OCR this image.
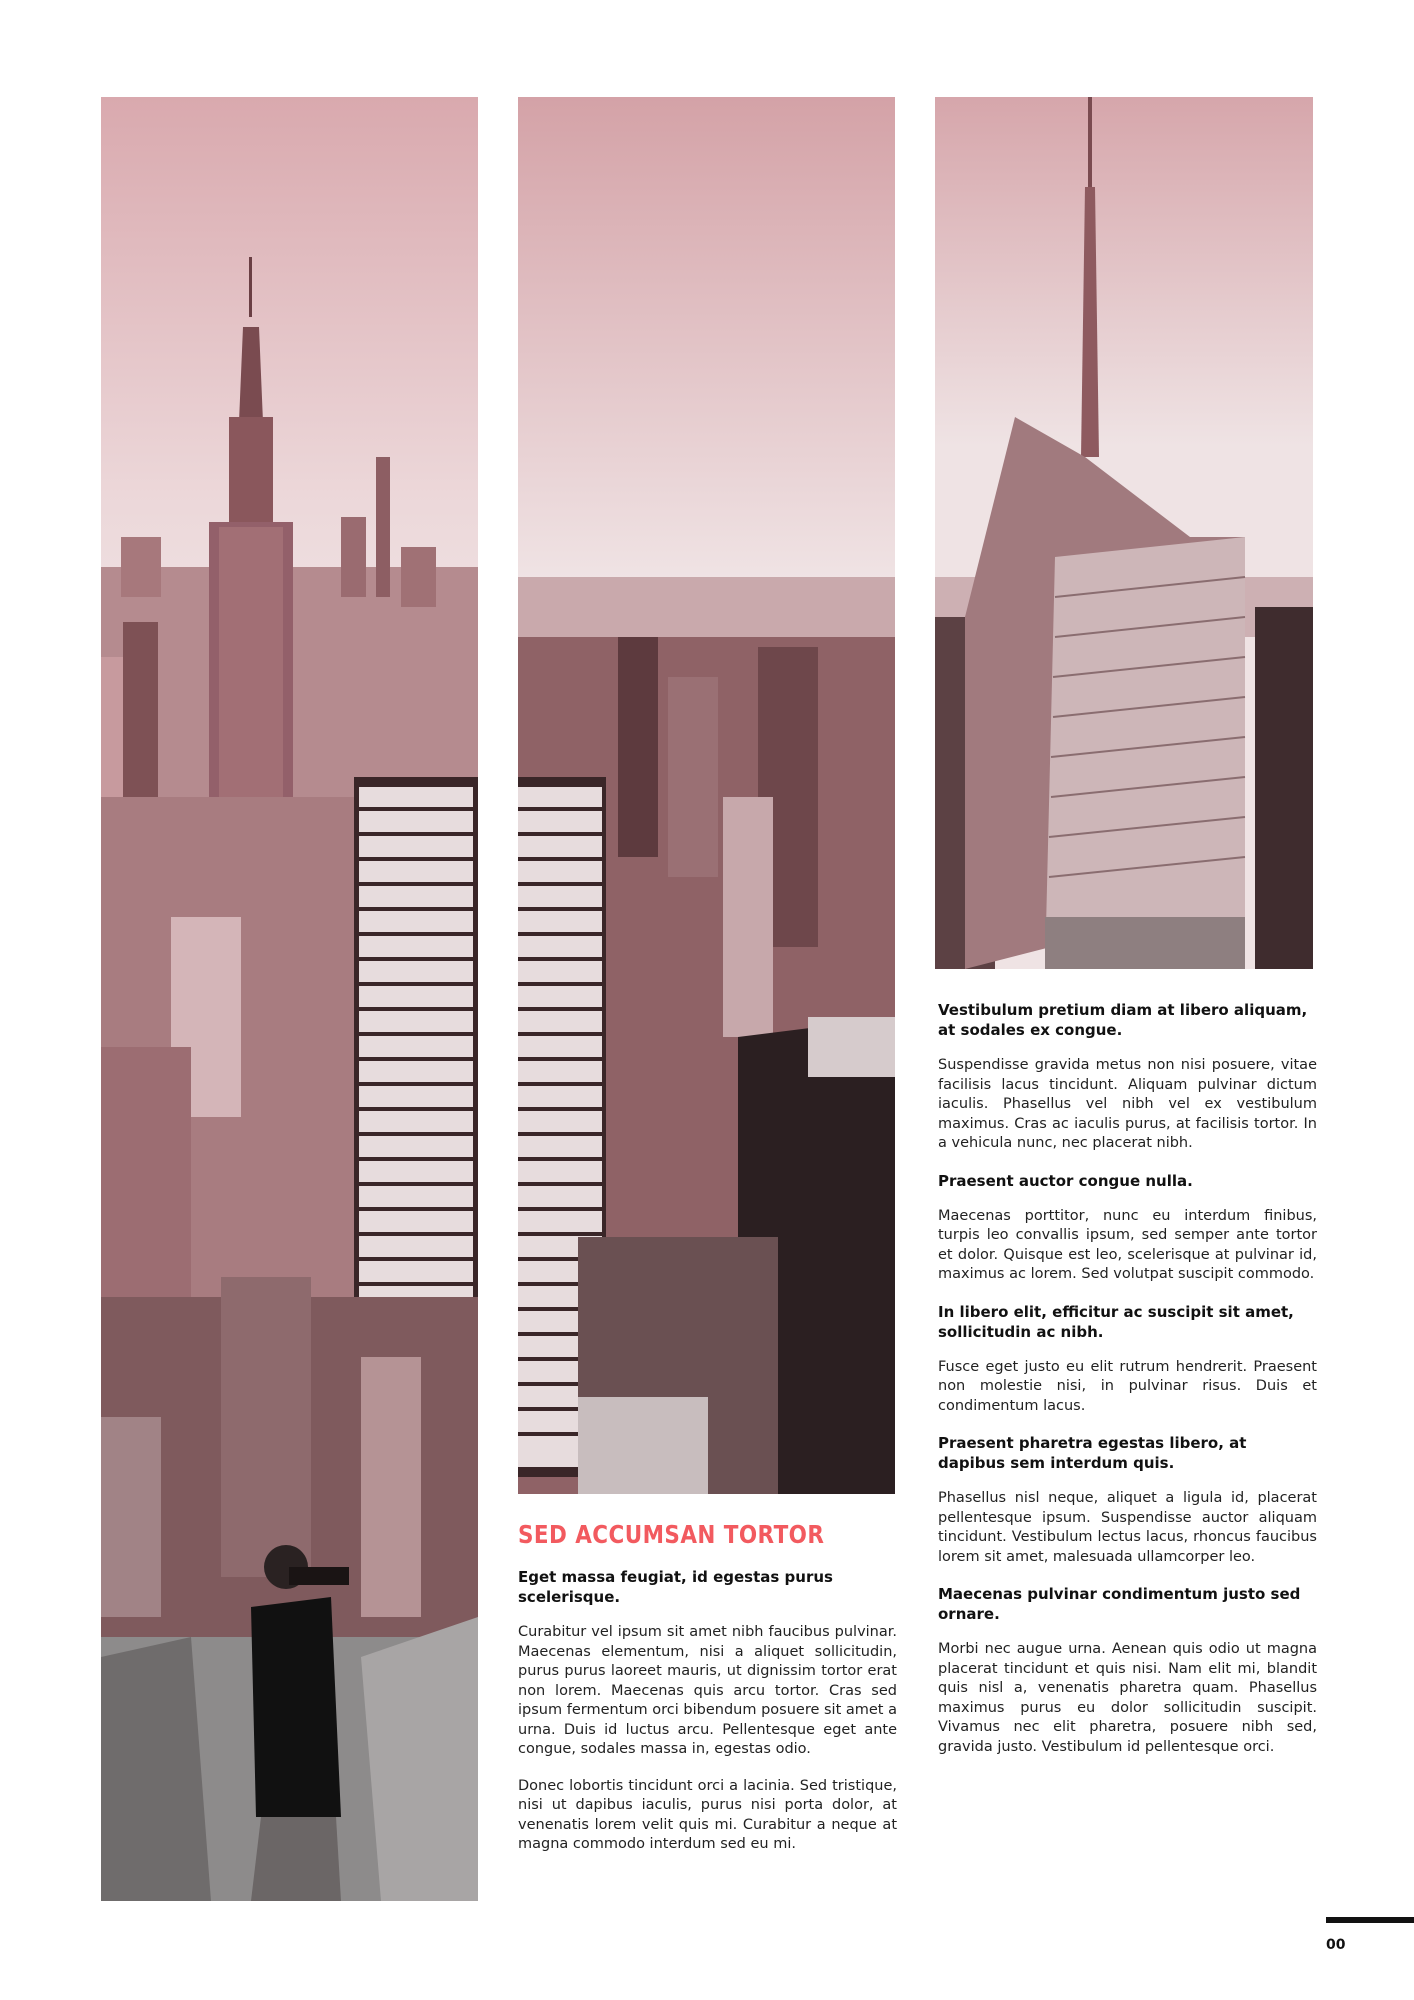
SED ACCUMSAN TORTOR
Eget massa feugiat, id egestas purus scelerisque.
Curabitur vel ipsum sit amet nibh faucibus pulvinar. Maecenas elementum, nisi a aliquet sollicitudin, purus purus laoreet mauris, ut dignissim tortor erat non lorem. Maecenas quis arcu tortor. Cras sed ipsum fermentum orci bibendum posuere sit amet a urna. Duis id luctus arcu. Pellentesque eget ante congue, sodales massa in, egestas odio.
Donec lobortis tincidunt orci a lacinia. Sed tristique, nisi ut dapibus iaculis, purus nisi porta dolor, at venenatis lorem velit quis mi. Curabitur a neque at magna commodo interdum sed eu mi.
Vestibulum pretium diam at libero aliquam, at sodales ex congue.
Suspendisse gravida metus non nisi posuere, vitae facilisis lacus tincidunt. Aliquam pulvinar dictum iaculis. Phasellus vel nibh vel ex vestibulum maximus. Cras ac iaculis purus, at facilisis tortor. In a vehicula nunc, nec placerat nibh.
Praesent auctor congue nulla.
Maecenas porttitor, nunc eu interdum finibus, turpis leo convallis ipsum, sed semper ante tortor et dolor. Quisque est leo, scelerisque at pulvinar id, maximus ac lorem. Sed volutpat suscipit commodo.
In libero elit, efficitur ac suscipit sit amet, sollicitudin ac nibh.
Fusce eget justo eu elit rutrum hendrerit. Praesent non molestie nisi, in pulvinar risus. Duis et condimentum lacus.
Praesent pharetra egestas libero, at dapibus sem interdum quis.
Phasellus nisl neque, aliquet a ligula id, placerat pellentesque ipsum. Suspendisse auctor aliquam tincidunt. Vestibulum lectus lacus, rhoncus faucibus lorem sit amet, malesuada ullamcorper leo.
Maecenas pulvinar condimentum justo sed ornare.
Morbi nec augue urna. Aenean quis odio ut magna placerat tincidunt et quis nisi. Nam elit mi, blandit quis nisl a, venenatis pharetra quam. Phasellus maximus purus eu dolor sollicitudin suscipit. Vivamus nec elit pharetra, posuere nibh sed, gravida justo. Vestibulum id pellentesque orci.
00
